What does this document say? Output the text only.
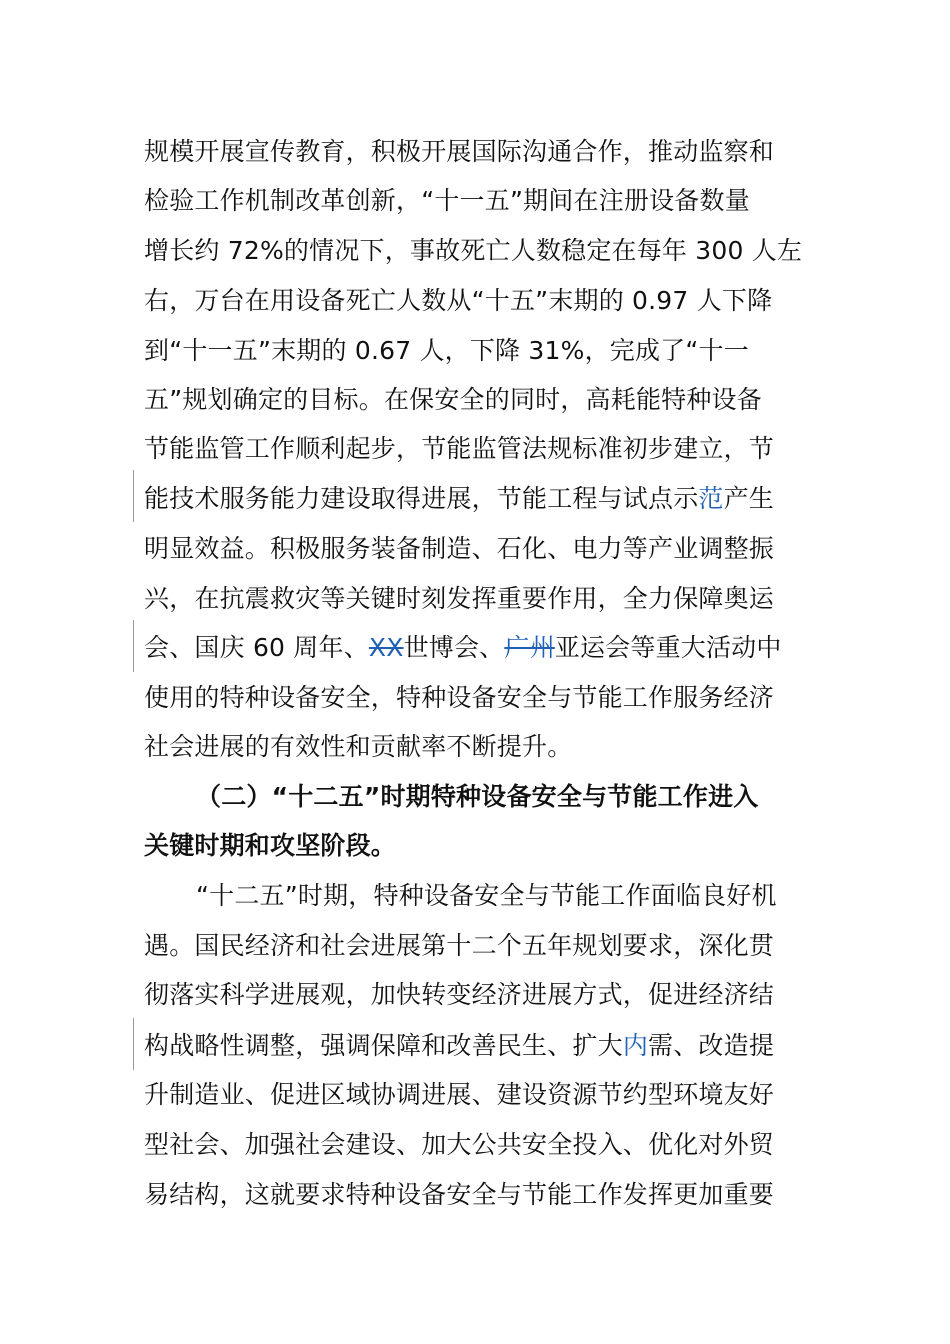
规模开展宣传教育，积极开展国际沟通合作，推动监察和
检验工作机制改革创新，“十一五”期间在注册设备数量
增长约 72%的情况下，事故死亡人数稳定在每年 300 人左
右，万台在用设备死亡人数从“十五”末期的 0.97 人下降
到“十一五”末期的 0.67 人，下降 31%，完成了“十一
五”规划确定的目标。在保安全的同时，高耗能特种设备
节能监管工作顺利起步，节能监管法规标准初步建立，节
能技术服务能力建设取得进展，节能工程与试点示范产生
明显效益。积极服务装备制造、石化、电力等产业调整振
兴，在抗震救灾等关键时刻发挥重要作用，全力保障奥运
会、国庆 60 周年、XX世博会、广州亚运会等重大活动中
使用的特种设备安全，特种设备安全与节能工作服务经济
社会进展的有效性和贡献率不断提升。
（二）“十二五”时期特种设备安全与节能工作进入
关键时期和攻坚阶段。
“十二五”时期，特种设备安全与节能工作面临良好机
遇。国民经济和社会进展第十二个五年规划要求，深化贯
彻落实科学进展观，加快转变经济进展方式，促进经济结
构战略性调整，强调保障和改善民生、扩大内需、改造提
升制造业、促进区域协调进展、建设资源节约型环境友好
型社会、加强社会建设、加大公共安全投入、优化对外贸
易结构，这就要求特种设备安全与节能工作发挥更加重要
